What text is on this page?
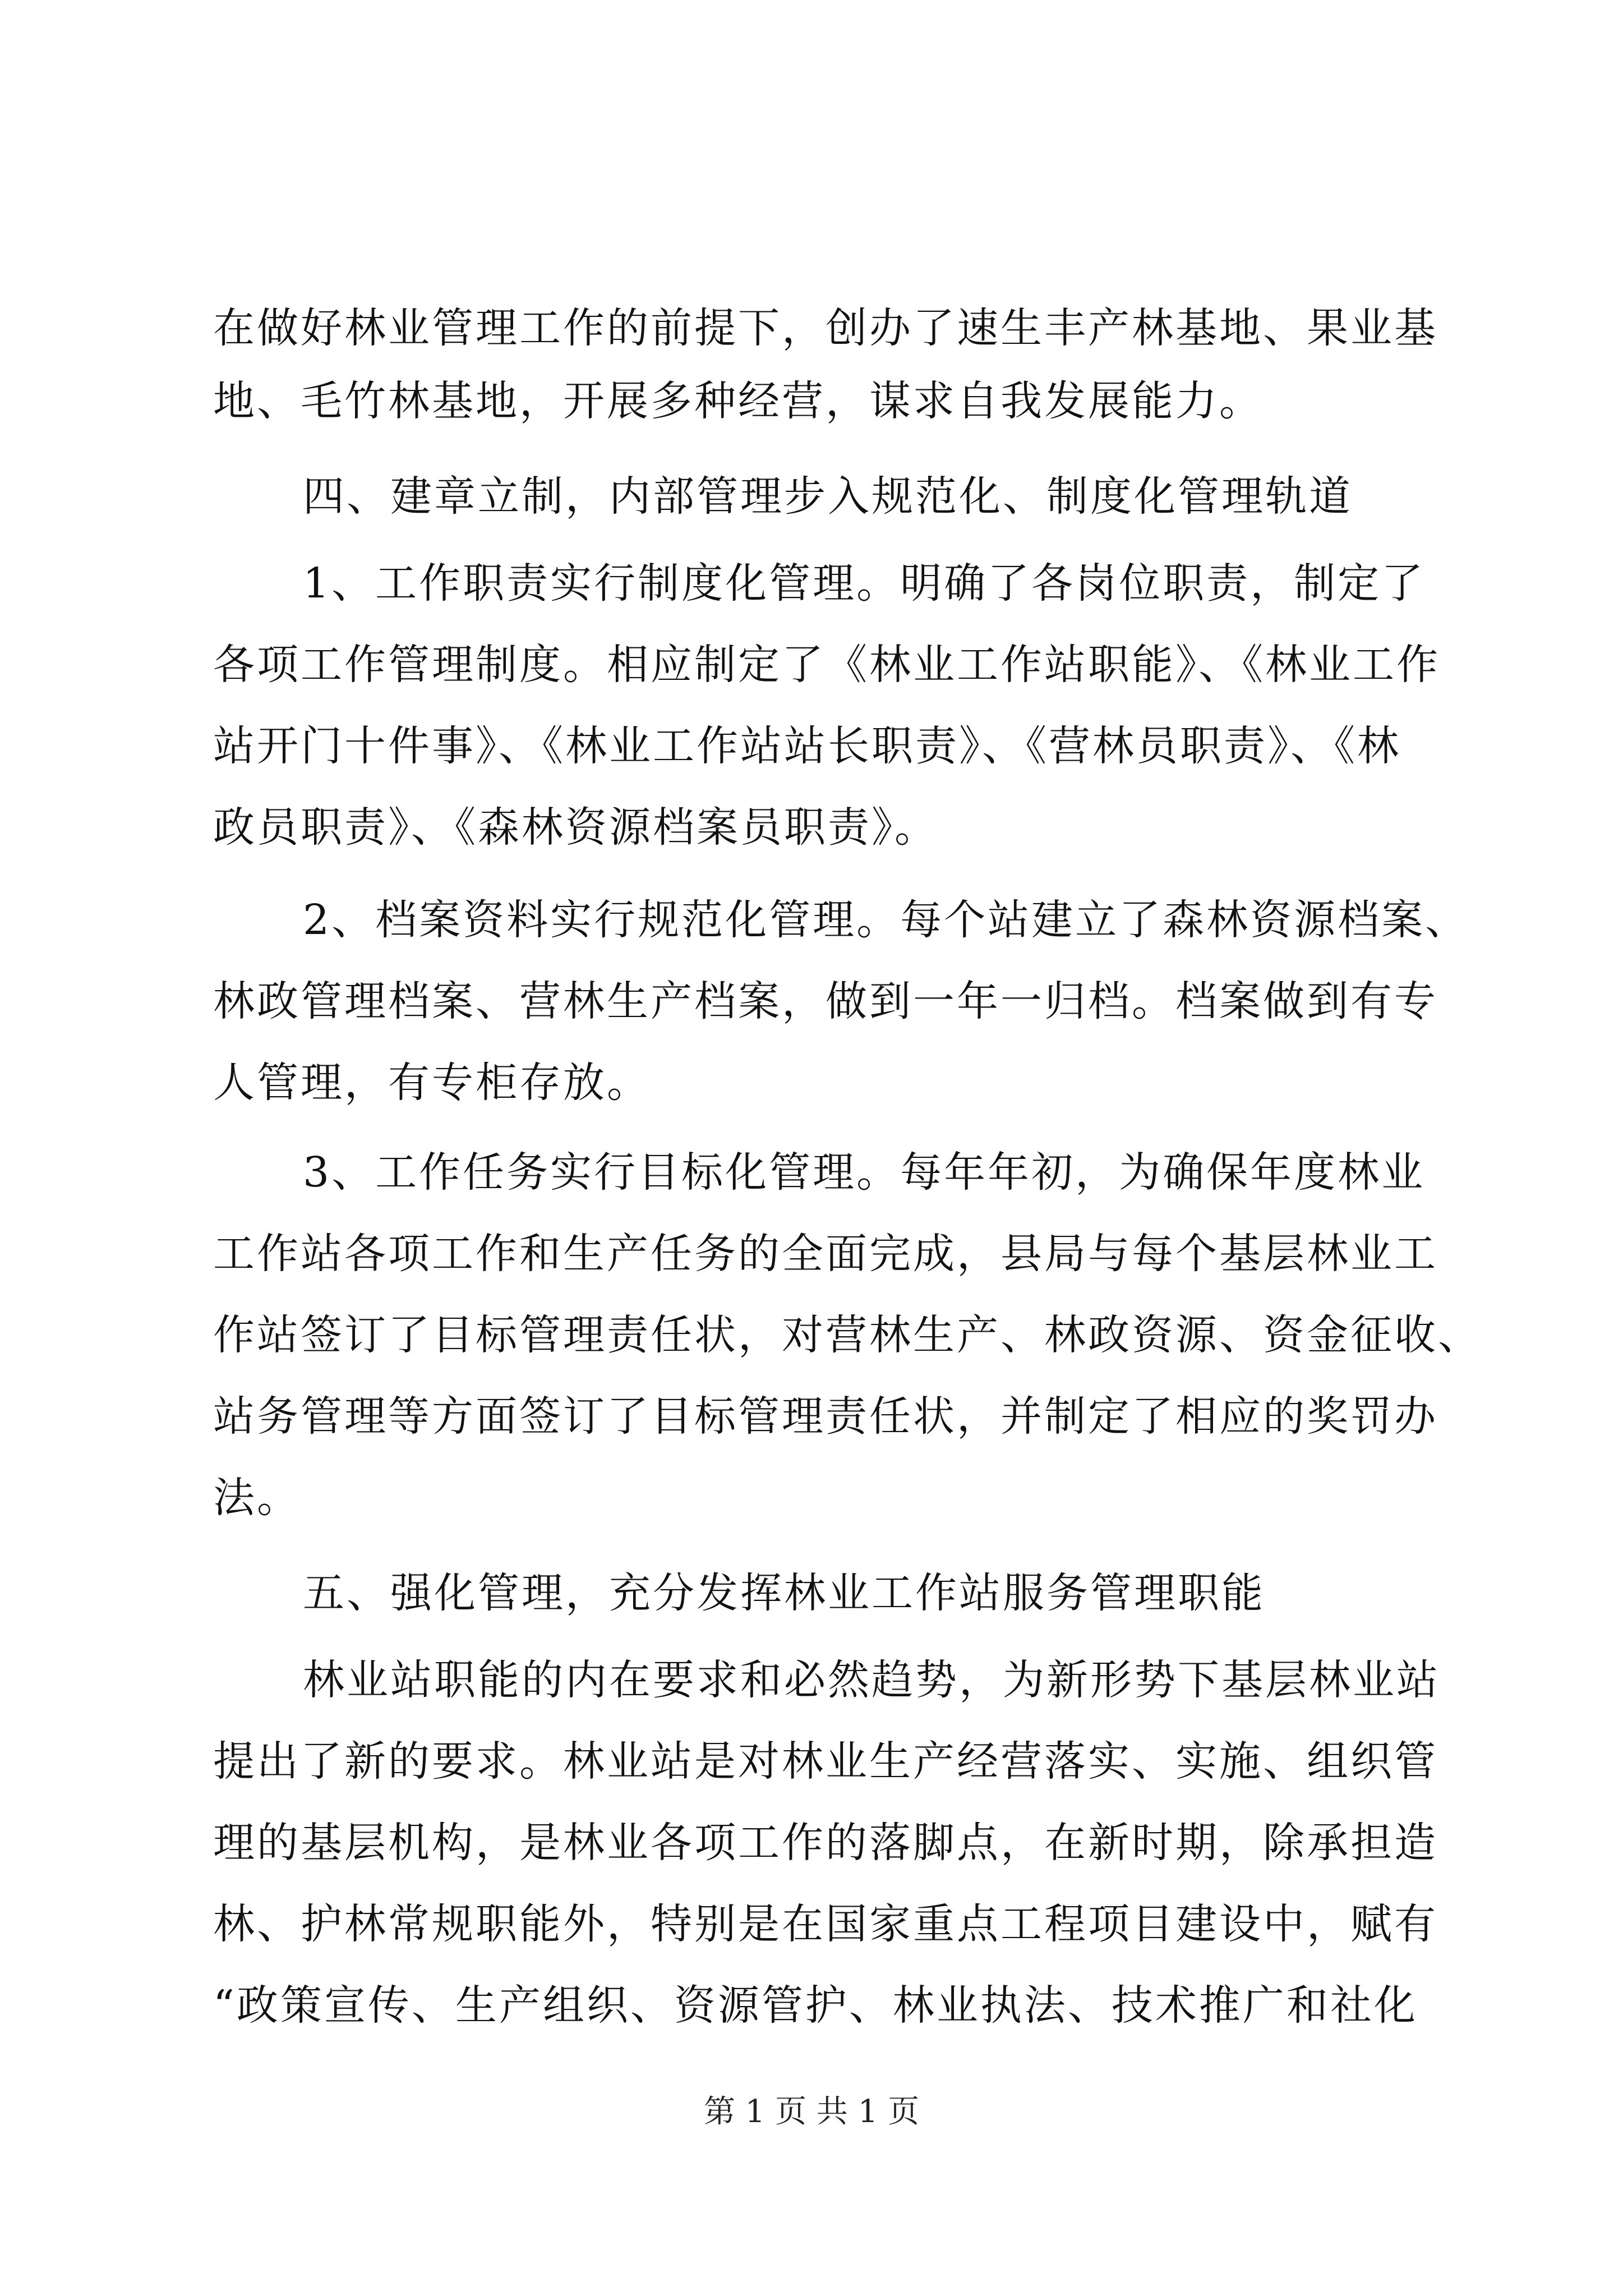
在做好林业管理工作的前提下，创办了速生丰产林基地、果业基
地、毛竹林基地，开展多种经营，谋求自我发展能力。
四、建章立制，内部管理步入规范化、制度化管理轨道
1、工作职责实行制度化管理。明确了各岗位职责，制定了
各项工作管理制度。相应制定了《林业工作站职能》、《林业工作
站开门十件事》、《林业工作站站长职责》、《营林员职责》、《林
政员职责》、《森林资源档案员职责》。
2、档案资料实行规范化管理。每个站建立了森林资源档案、
林政管理档案、营林生产档案，做到一年一归档。档案做到有专
人管理，有专柜存放。
3、工作任务实行目标化管理。每年年初，为确保年度林业
工作站各项工作和生产任务的全面完成，县局与每个基层林业工
作站签订了目标管理责任状，对营林生产、林政资源、资金征收、
站务管理等方面签订了目标管理责任状，并制定了相应的奖罚办
法。
五、强化管理，充分发挥林业工作站服务管理职能
林业站职能的内在要求和必然趋势，为新形势下基层林业站
提出了新的要求。林业站是对林业生产经营落实、实施、组织管
理的基层机构，是林业各项工作的落脚点，在新时期，除承担造
林、护林常规职能外，特别是在国家重点工程项目建设中，赋有
“政策宣传、生产组织、资源管护、林业执法、技术推广和社化
第 1 页 共 1 页
